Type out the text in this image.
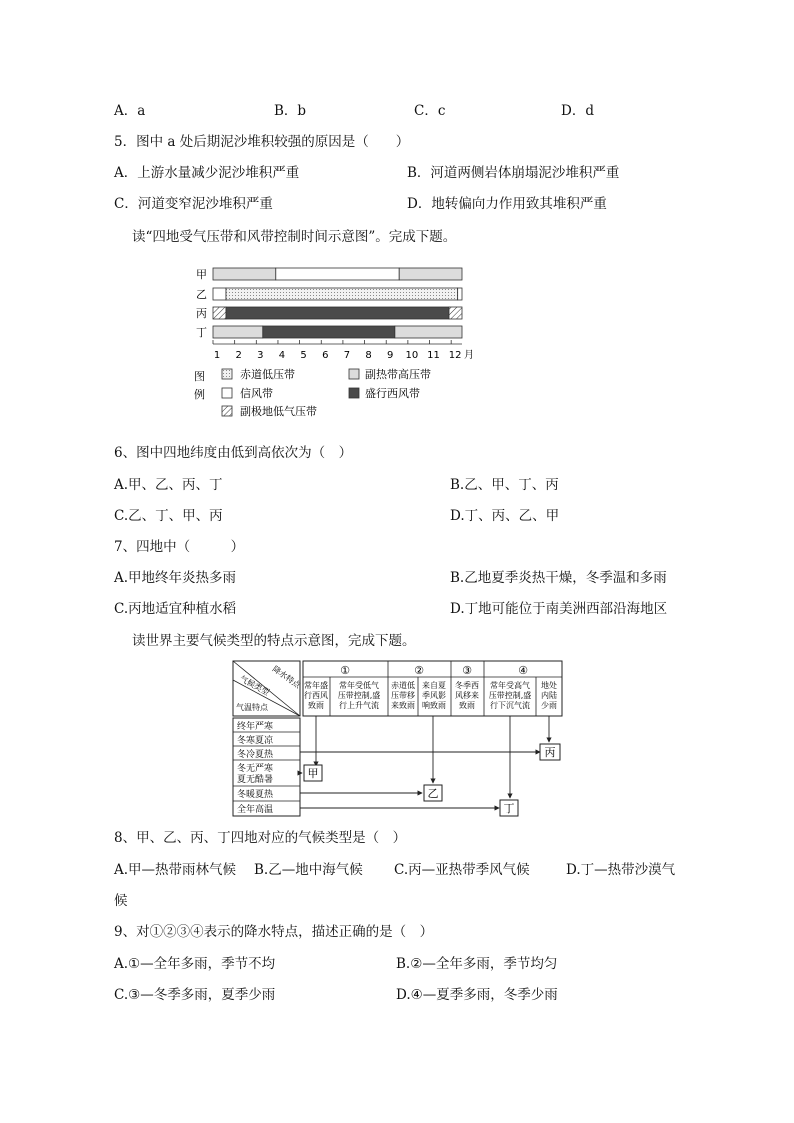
A．a	B．b	C．c	D．d
5．图中 a 处后期泥沙堆积较强的原因是（　　）
A．上游水量减少泥沙堆积严重	B．河道两侧岩体崩塌泥沙堆积严重
C．河道变窄泥沙堆积严重	D．地转偏向力作用致其堆积严重
读“四地受气压带和风带控制时间示意图”。完成下题。
甲
乙
丙
丁
1 2 3 4 5 6 7 8 9 10 11 12 月
图
例
赤道低压带	副热带高压带
信风带	盛行西风带
副极地低气压带
6、图中四地纬度由低到高依次为（　）
A.甲、乙、丙、丁	B.乙、甲、丁、丙
C.乙、丁、甲、丙	D.丁、丙、乙、甲
7、四地中（　　　）
A.甲地终年炎热多雨	B.乙地夏季炎热干燥，冬季温和多雨
C.丙地适宜种植水稻	D.丁地可能位于南美洲西部沿海地区
读世界主要气候类型的特点示意图，完成下题。
降水特点
气候类型
气温特点
①	②	③	④
常年盛
行西风
致雨
常年受低气
压带控制,盛
行上升气流
赤道低
压带移
来致雨
来自夏
季风影
响致雨
冬季西
风移来
致雨
常年受高气
压带控制,盛
行下沉气流
地处
内陆
少雨
终年严寒
冬寒夏凉
冬冷夏热
冬无严寒
夏无酷暑
冬暖夏热
全年高温
甲
乙
丙
丁
8、甲、乙、丙、丁四地对应的气候类型是（　）
A.甲—热带雨林气候 B.乙—地中海气候 C.丙—亚热带季风气候	D.丁—热带沙漠气
候
9、对①②③④表示的降水特点，描述正确的是（　）
A.①—全年多雨，季节不均	B.②—全年多雨，季节均匀
C.③—冬季多雨，夏季少雨	D.④—夏季多雨，冬季少雨
